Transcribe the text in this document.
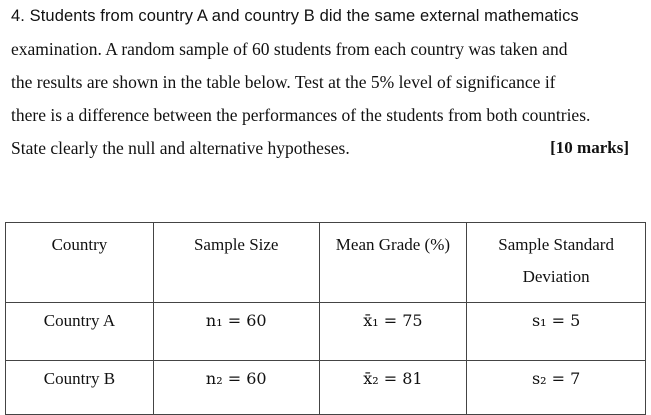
4. Students from country A and country B did the same external mathematics
examination. A random sample of 60 students from each country was taken and
the results are shown in the table below. Test at the 5% level of significance if
there is a difference between the performances of the students from both countries.
State clearly the null and alternative hypotheses.	[10 marks]
Country	Sample Size	Mean Grade (%)	Sample Standard Deviation
Country A	n₁ = 60	x̄₁ = 75	s₁ = 5
Country B	n₂ = 60	x̄₂ = 81	s₂ = 7
